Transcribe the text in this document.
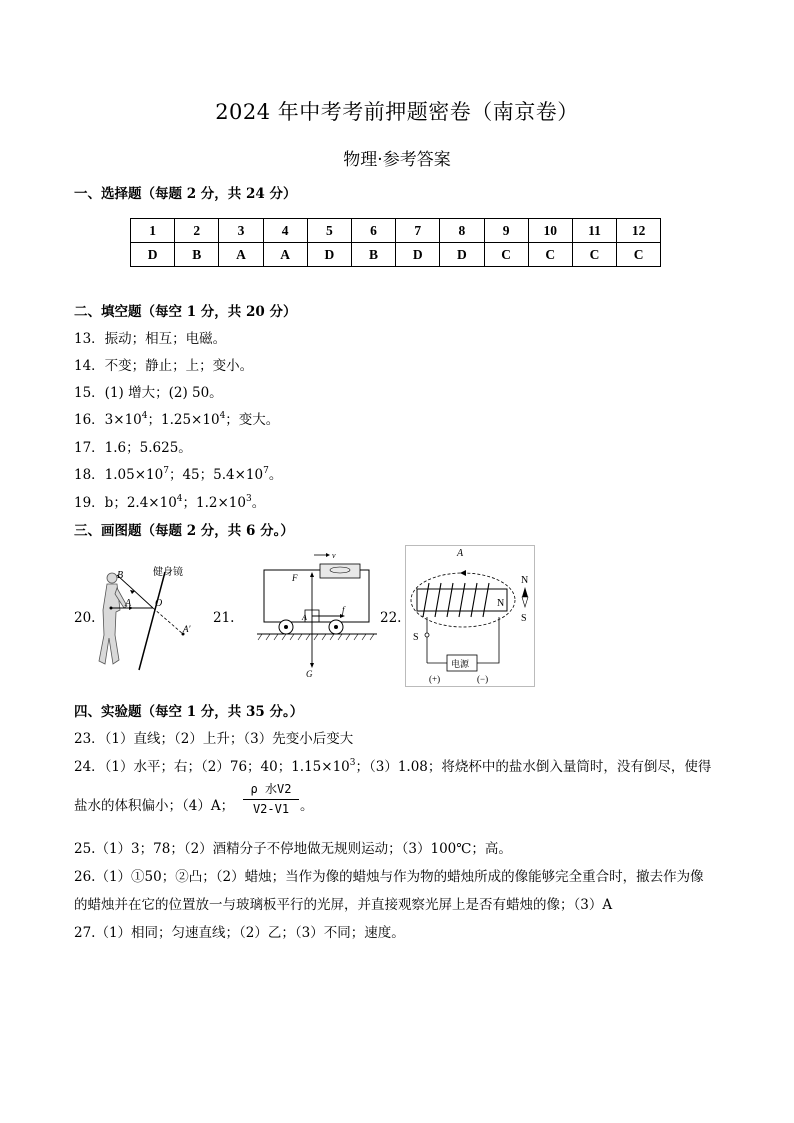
2024 年中考考前押题密卷（南京卷）
物理·参考答案
一、选择题（每题 2 分，共 24 分）
1	2	3	4	5	6	7	8	9	10	11	12
D	B	A	A	D	B	D	D	C	C	C	C
二、填空题（每空 1 分，共 20 分）
13．振动；相互；电磁。
14．不变；静止；上；变小。
15．(1) 增大；(2) 50。
16．$3\times 10^4$；$1.25\times 10^4$；变大。
17．1.6；5.625。
18．$1.05\times 10^7$；45；$5.4\times 10^7$。
19．b；$2.4\times 10^4$；$1.2\times 10^3$。
三、画图题（每题 2 分，共 6 分。）
20.
健身镜
B
A O
A′
21.
v
A
F
G
f	22.
A
N
N
S
S
电源
(+)	(−)
四、实验题（每空 1 分，共 35 分。）
23．（1）直线；（2）上升；（3）先变小后变大
24．（1）水平；右；（2）76；40；$1.15\times 10^3$；（3）1.08；将烧杯中的盐水倒入量筒时，没有倒尽，使得
盐水的体积偏小；（4）A；
ρ 水V2
V2-V1 。
25.（1）3；78；（2）酒精分子不停地做无规则运动；（3）100℃；高。
26.（1）①50；②凸；（2）蜡烛；当作为像的蜡烛与作为物的蜡烛所成的像能够完全重合时，撤去作为像
的蜡烛并在它的位置放一与玻璃板平行的光屏，并直接观察光屏上是否有蜡烛的像；（3）A
27.（1）相同；匀速直线；（2）乙；（3）不同；速度。
